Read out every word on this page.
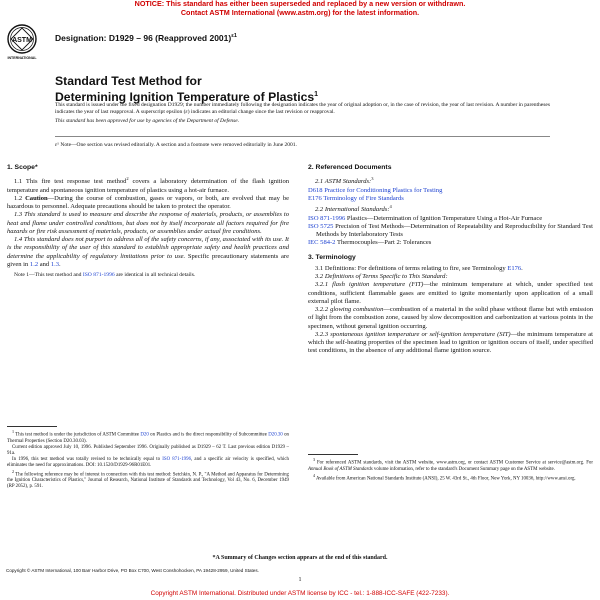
NOTICE: This standard has either been superseded and replaced by a new version or withdrawn.
Contact ASTM International (www.astm.org) for the latest information.
ASTM
INTERNATIONAL
Designation: D1929 – 96 (Reapproved 2001)$^{\varepsilon 1}$
Standard Test Method for
Determining Ignition Temperature of Plastics$^1$

This standard is issued under the fixed designation D1929; the number immediately following the designation indicates the year of original adoption or, in the case of revision, the year of last revision. A number in parentheses indicates the year of last reapproval. A superscript epsilon (ε) indicates an editorial change since the last revision or reapproval.

This standard has been approved for use by agencies of the Department of Defense.

ε¹ Note—One section was revised editorially. A section and a footnote were removed editorially in June 2001.

1. Scope*

1.1 This fire test response test method$^2$ covers a laboratory determination of the flash ignition temperature and spontaneous ignition temperature of plastics using a hot-air furnace.

1.2 Caution—During the course of combustion, gases or vapors, or both, are evolved that may be hazardous to personnel. Adequate precautions should be taken to protect the operator.

1.3 This standard is used to measure and describe the response of materials, products, or assemblies to heat and flame under controlled conditions, but does not by itself incorporate all factors required for fire hazards or fire risk assessment of materials, products, or assemblies under actual fire conditions.

1.4 This standard does not purport to address all of the safety concerns, if any, associated with its use. It is the responsibility of the user of this standard to establish appropriate safety and health practices and determine the applicability of regulatory limitations prior to use. Specific precautionary statements are given in 1.2 and 1.3.

Note 1—This test method and ISO 871-1996 are identical in all technical details.

$^1$ This test method is under the jurisdiction of ASTM Committee D20 on Plastics and is the direct responsibility of Subcommittee D20.30 on Thermal Properties (Section D20.30.03).

Current edition approved July 10, 1996. Published September 1996. Originally published as D1929 – 62 T. Last previous edition D1929 – 91a.

In 1996, this test method was totally revised to be technically equal to ISO 871-1996, and a specific air velocity is specified, which eliminates the need for approximations. DOI: 10.1520/D1929-96R01E01.

$^2$ The following reference may be of interest in connection with this test method: Setchkin, N. P., "A Method and Apparatus for Determining the Ignition Characteristics of Plastics," Journal of Research, National Institute of Standards and Technology, Vol 43, No. 6, December 1949 (RP 2052), p. 591.

2. Referenced Documents

2.1 ASTM Standards:$^3$

D618 Practice for Conditioning Plastics for Testing

E176 Terminology of Fire Standards

2.2 International Standards:$^4$

ISO 871-1996 Plastics—Determination of Ignition Temperature Using a Hot-Air Furnace

ISO 5725 Precision of Test Methods—Determination of Repeatability and Reproducibility for Standard Test Methods by Interlaboratory Tests

IEC 584-2 Thermocouples—Part 2: Tolerances

3. Terminology

3.1 Definitions: For definitions of terms relating to fire, see Terminology E176.

3.2 Definitions of Terms Specific to This Standard:

3.2.1 flash ignition temperature (FIT)—the minimum temperature at which, under specified test conditions, sufficient flammable gases are emitted to ignite momentarily upon application of a small external pilot flame.

3.2.2 glowing combustion—combustion of a material in the solid phase without flame but with emission of light from the combustion zone, caused by slow decomposition and carbonization at various points in the specimen, without general ignition occurring.

3.2.3 spontaneous ignition temperature or self-ignition temperature (SIT)—the minimum temperature at which the self-heating properties of the specimen lead to ignition or ignition occurs of itself, under specified test conditions, in the absence of any additional flame ignition source.

$^3$ For referenced ASTM standards, visit the ASTM website, www.astm.org, or contact ASTM Customer Service at service@astm.org. For Annual Book of ASTM Standards volume information, refer to the standard's Document Summary page on the ASTM website.

$^4$ Available from American National Standards Institute (ANSI), 25 W. 43rd St., 4th Floor, New York, NY 10036, http://www.ansi.org.

*A Summary of Changes section appears at the end of this standard.
Copyright © ASTM International, 100 Barr Harbor Drive, PO Box C700, West Conshohocken, PA 19428-2959, United States.
1
Copyright ASTM International. Distributed under ASTM license by ICC - tel.: 1-888-ICC-SAFE (422-7233).
